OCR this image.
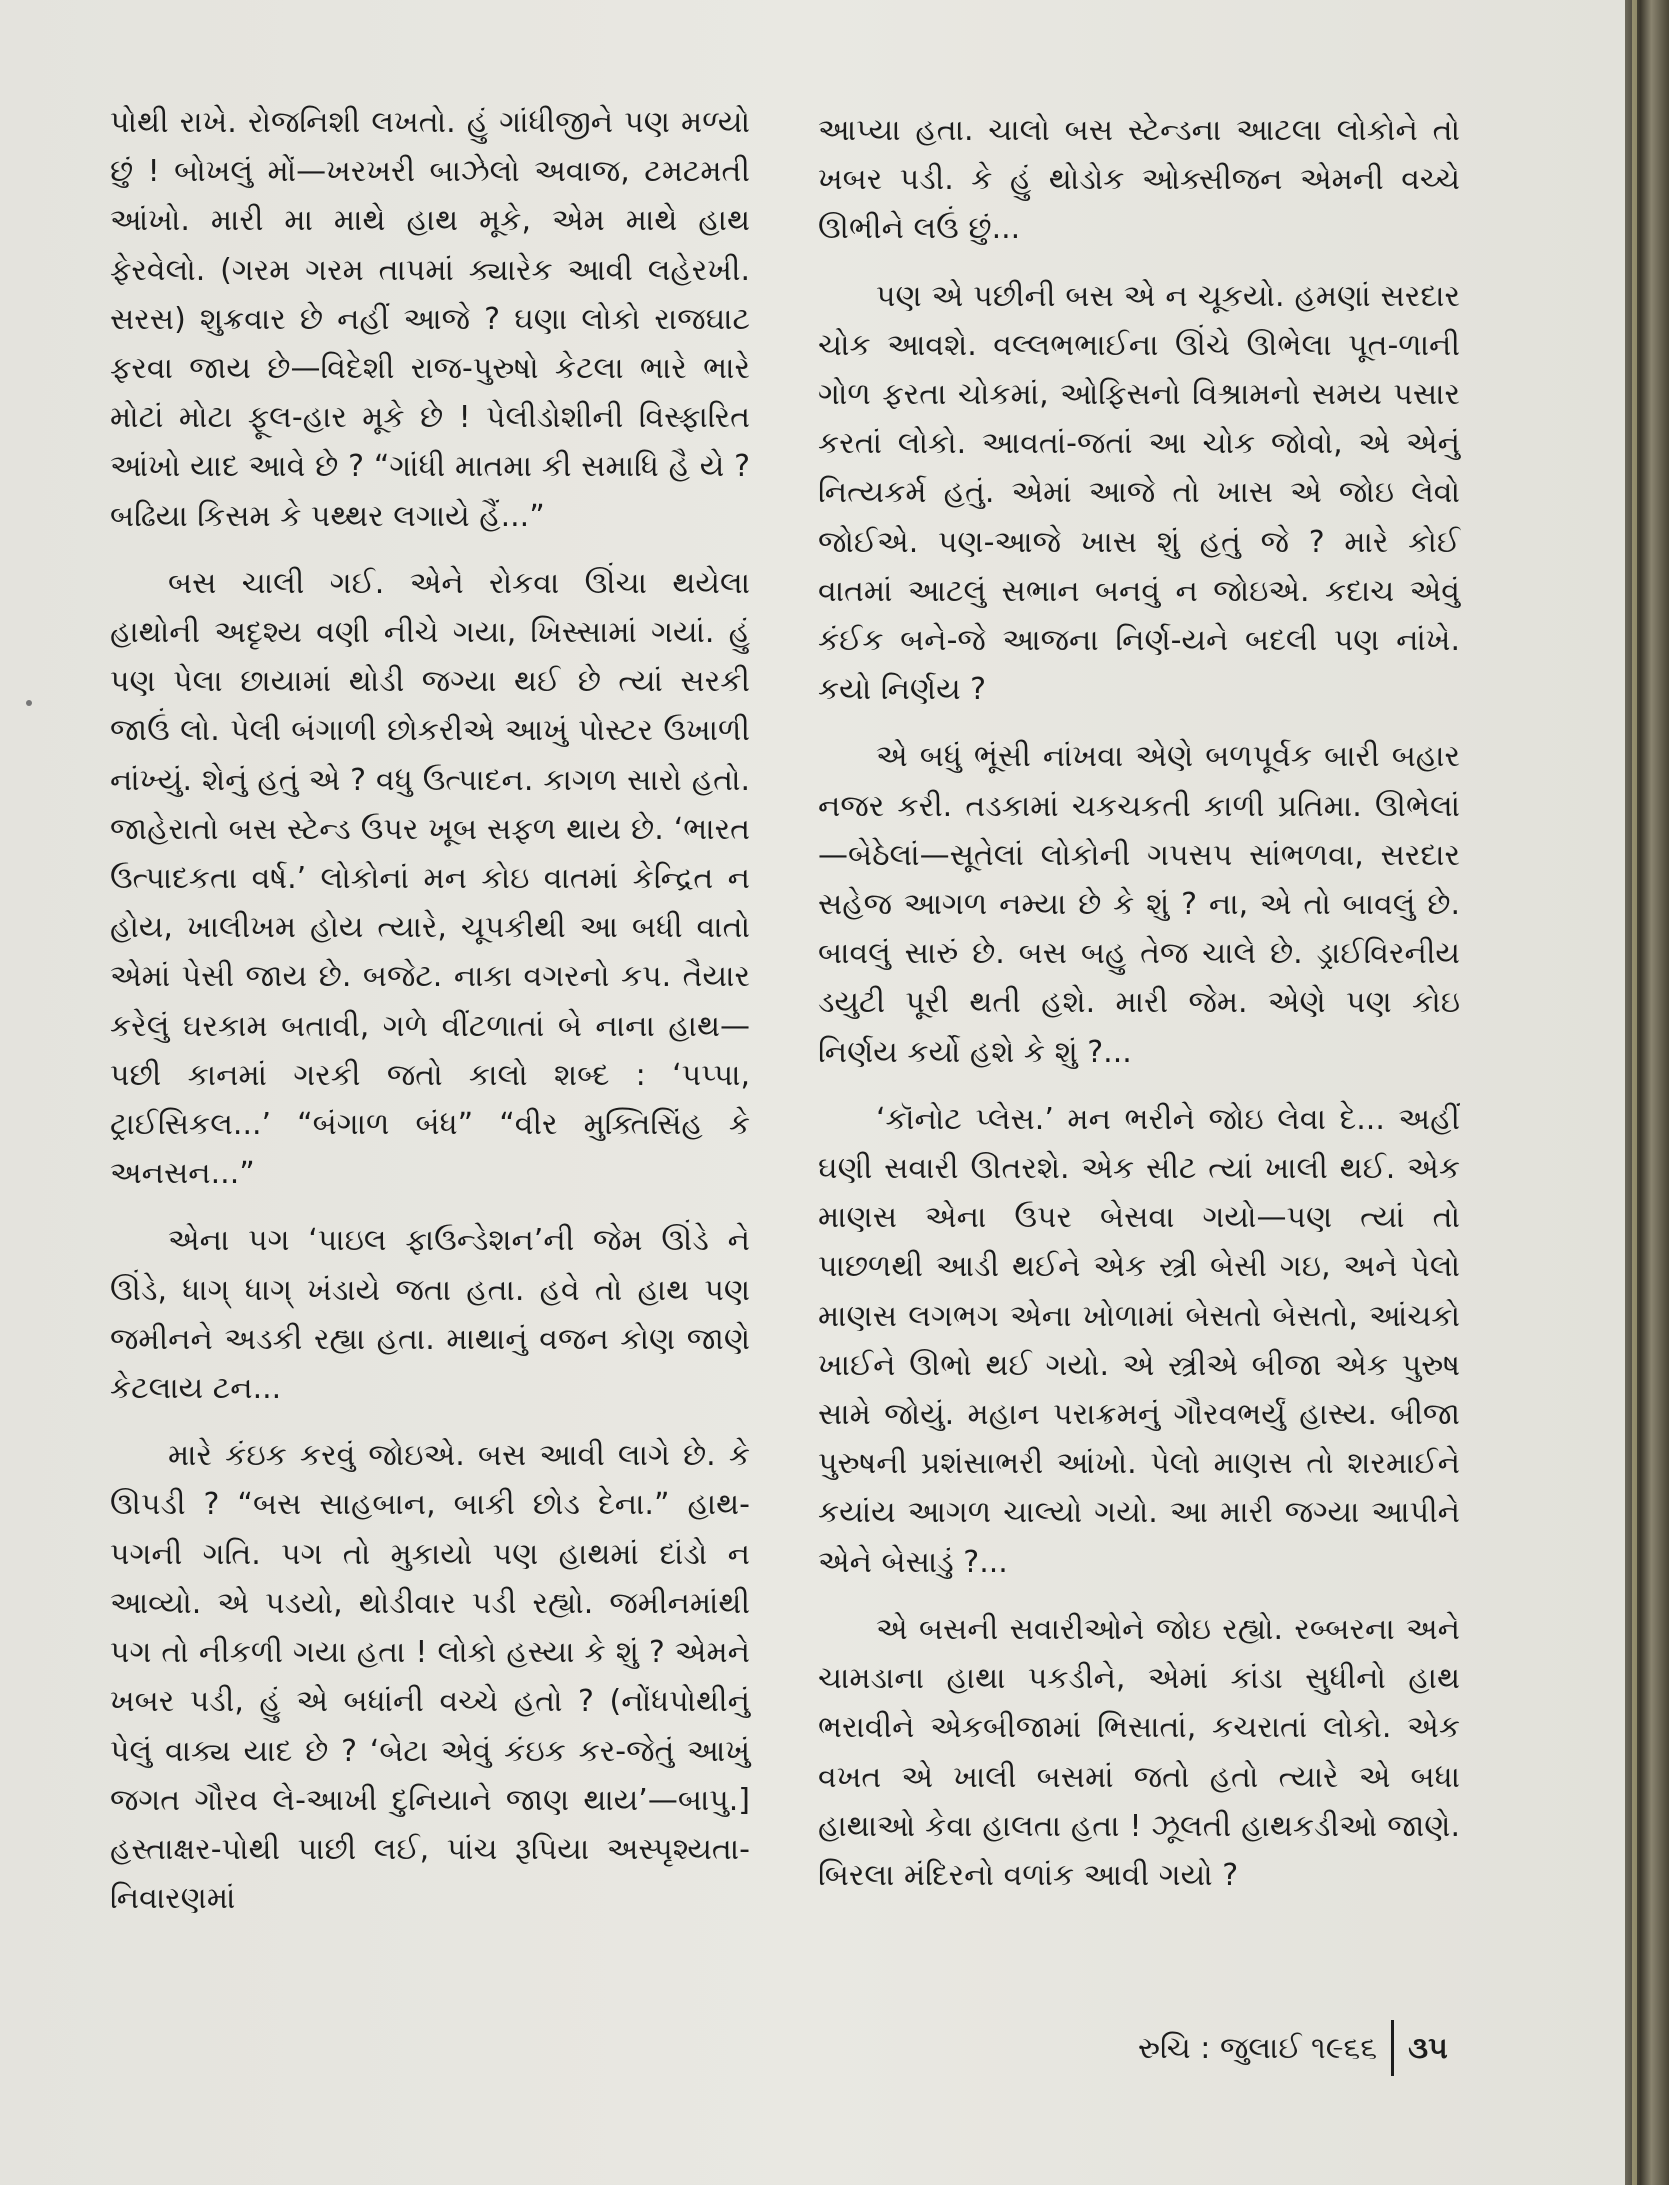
પોથી રાખે. રોજનિશી લખતો. હું ગાંધીજીને પણ મળ્યો છું ! બોખલું મોં—ખરખરી બાઝેલો અવાજ, ટમટમતી આંખો. મારી મા માથે હાથ મૂકે, એમ માથે હાથ ફેરવેલો. (ગરમ ગરમ તાપમાં ક્યારેક આવી લહેરખી. સરસ) શુક્રવાર છે નહીં આજે ? ઘણા લોકો રાજઘાટ ફરવા જાય છે—વિદેશી રાજ-પુરુષો કેટલા ભારે ભારે મોટાં મોટા ફૂલ-હાર મૂકે છે ! પેલીડોશીની વિસ્ફારિત આંખો યાદ આવે છે ? “ગાંધી માતમા કી સમાધિ હૈ યે ? બઢિયા કિસમ કે પથ્થર લગાયે હૈં...”

બસ ચાલી ગઈ. એને રોકવા ઊંચા થયેલા હાથોની અદૃશ્ય વણી નીચે ગયા, ખિસ્સામાં ગયાં. હું પણ પેલા છાયામાં થોડી જગ્યા થઈ છે ત્યાં સરકી જાઉં લો. પેલી બંગાળી છોકરીએ આખું પોસ્ટર ઉખાળી નાંખ્યું. શેનું હતું એ ? વધુ ઉત્પાદન. કાગળ સારો હતો. જાહેરાતો બસ સ્ટેન્ડ ઉપર ખૂબ સફળ થાય છે. ‘ભારત ઉત્પાદકતા વર્ષ.’ લોકોનાં મન કોઇ વાતમાં કેન્દ્રિત ન હોય, ખાલીખમ હોય ત્યારે, ચૂપકીથી આ બધી વાતો એમાં પેસી જાય છે. બજેટ. નાકા વગરનો કપ. તૈયાર કરેલું ઘરકામ બતાવી, ગળે વીંટળાતાં બે નાના હાથ—પછી કાનમાં ગરકી જતો કાલો શબ્દ : ‘પપ્પા, ટ્રાઈસિકલ...’ “બંગાળ બંધ” “વીર મુક્તિસિંહ કે અનસન...”

એના પગ ‘પાઇલ ફાઉન્ડેશન’ની જેમ ઊંડે ને ઊંડે, ધાગ્ ધાગ્ ખંડાયે જતા હતા. હવે તો હાથ પણ જમીનને અડકી રહ્યા હતા. માથાનું વજન કોણ જાણે કેટલાય ટન...

મારે કંઇક કરવું જોઇએ. બસ આવી લાગે છે. કે ઊપડી ? “બસ સાહબાન, બાકી છોડ દેના.” હાથ-પગની ગતિ. પગ તો મુકાયો પણ હાથમાં દાંડો ન આવ્યો. એ પડયો, થોડીવાર પડી રહ્યો. જમીનમાંથી પગ તો નીકળી ગયા હતા ! લોકો હસ્યા કે શું ? એમને ખબર પડી, હું એ બધાંની વચ્ચે હતો ? (નોંધપોથીનું પેલું વાક્ય યાદ છે ? ‘બેટા એવું કંઇક કર-જેતું આખું જગત ગૌરવ લે-આખી દુનિયાને જાણ થાય’—બાપુ.] હસ્તાક્ષર-પોથી પાછી લઈ, પાંચ રૂપિયા અસ્પૃશ્યતા-નિવારણમાં

આપ્યા હતા. ચાલો બસ સ્ટેન્ડના આટલા લોકોને તો ખબર પડી. કે હું થોડોક ઓક્સીજન એમની વચ્ચે ઊભીને લઉં છું...

પણ એ પછીની બસ એ ન ચૂકયો. હમણાં સરદાર ચોક આવશે. વલ્લભભાઈના ઊંચે ઊભેલા પૂત-ળાની ગોળ ફરતા ચોકમાં, ઓફિસનો વિશ્રામનો સમય પસાર કરતાં લોકો. આવતાં-જતાં આ ચોક જોવો, એ એનું નિત્યકર્મ હતું. એમાં આજે તો ખાસ એ જોઇ લેવો જોઈએ. પણ-આજે ખાસ શું હતું જે ? મારે કોઈ વાતમાં આટલું સભાન બનવું ન જોઇએ. કદાચ એવું કંઈક બને-જે આજના નિર્ણ-યને બદલી પણ નાંખે. કયો નિર્ણય ?

એ બધું ભૂંસી નાંખવા એણે બળપૂર્વક બારી બહાર નજર કરી. તડકામાં ચકચકતી કાળી પ્રતિમા. ઊભેલાં—બેઠેલાં—સૂતેલાં લોકોની ગપસપ સાંભળવા, સરદાર સહેજ આગળ નમ્યા છે કે શું ? ના, એ તો બાવલું છે. બાવલું સારું છે. બસ બહુ તેજ ચાલે છે. ડ્રાઈવિરનીય ડયુટી પૂરી થતી હશે. મારી જેમ. એણે પણ કોઇ નિર્ણય કર્યો હશે કે શું ?...

‘કૉનોટ પ્લેસ.’ મન ભરીને જોઇ લેવા દે... અહીં ઘણી સવારી ઊતરશે. એક સીટ ત્યાં ખાલી થઈ. એક માણસ એના ઉપર બેસવા ગયો—પણ ત્યાં તો પાછળથી આડી થઈને એક સ્ત્રી બેસી ગઇ, અને પેલો માણસ લગભગ એના ખોળામાં બેસતો બેસતો, આંચકો ખાઈને ઊભો થઈ ગયો. એ સ્ત્રીએ બીજા એક પુરુષ સામે જોયું. મહાન પરાક્રમનું ગૌરવભર્યું હાસ્ય. બીજા પુરુષની પ્રશંસાભરી આંખો. પેલો માણસ તો શરમાઈને કયાંય આગળ ચાલ્યો ગયો. આ મારી જગ્યા આપીને એને બેસાડું ?...

એ બસની સવારીઓને જોઇ રહ્યો. રબ્બરના અને ચામડાના હાથા પકડીને, એમાં કાંડા સુધીનો હાથ ભરાવીને એકબીજામાં ભિસાતાં, કચરાતાં લોકો. એક વખત એ ખાલી બસમાં જતો હતો ત્યારે એ બધા હાથાઓ કેવા હાલતા હતા ! ઝૂલતી હાથકડીઓ જાણે. બિરલા મંદિરનો વળાંક આવી ગયો ?

રુચિ : જુલાઈ ૧૯૬૬	૩૫
